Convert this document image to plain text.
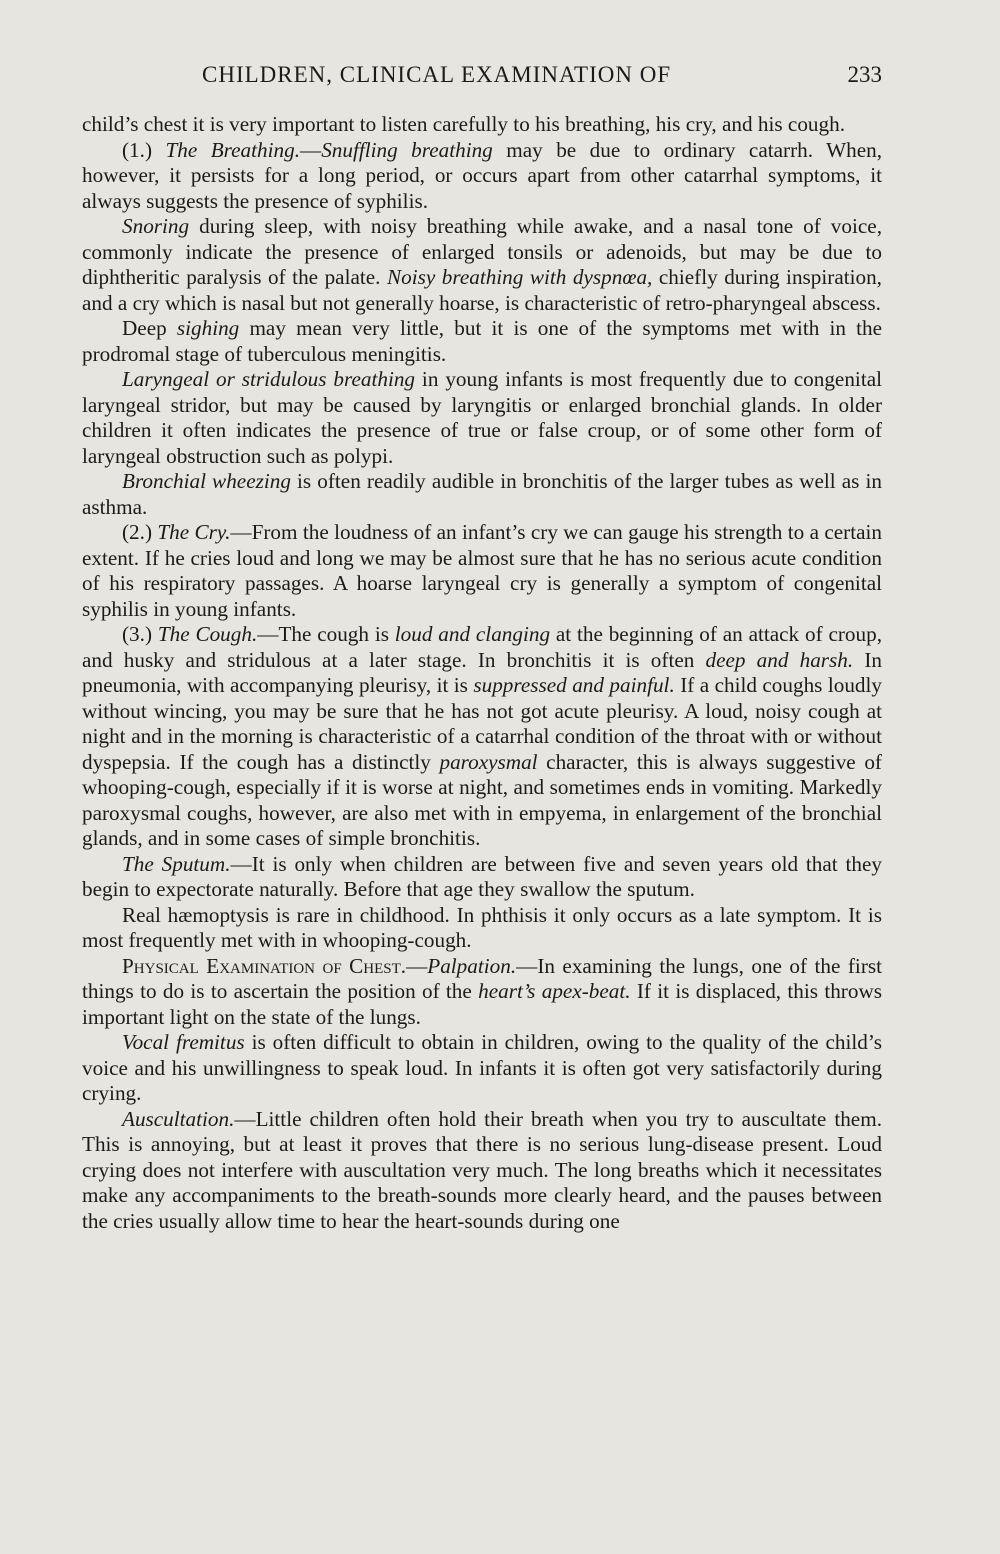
CHILDREN, CLINICAL EXAMINATION OF	233

child’s chest it is very important to listen carefully to his breathing, his cry, and his cough.

(1.) The Breathing.—Snuffling breathing may be due to ordinary catarrh. When, however, it persists for a long period, or occurs apart from other catarrhal symptoms, it always suggests the presence of syphilis.

Snoring during sleep, with noisy breathing while awake, and a nasal tone of voice, commonly indicate the presence of enlarged tonsils or adenoids, but may be due to diphtheritic paralysis of the palate. Noisy breathing with dyspnœa, chiefly during inspiration, and a cry which is nasal but not generally hoarse, is characteristic of retro-pharyngeal abscess.

Deep sighing may mean very little, but it is one of the symptoms met with in the prodromal stage of tuberculous meningitis.

Laryngeal or stridulous breathing in young infants is most frequently due to congenital laryngeal stridor, but may be caused by laryngitis or enlarged bronchial glands. In older children it often indicates the presence of true or false croup, or of some other form of laryngeal obstruction such as polypi.

Bronchial wheezing is often readily audible in bronchitis of the larger tubes as well as in asthma.

(2.) The Cry.—From the loudness of an infant’s cry we can gauge his strength to a certain extent. If he cries loud and long we may be almost sure that he has no serious acute condition of his respiratory passages. A hoarse laryngeal cry is generally a symptom of congenital syphilis in young infants.

(3.) The Cough.—The cough is loud and clanging at the beginning of an attack of croup, and husky and stridulous at a later stage. In bronchitis it is often deep and harsh. In pneumonia, with accompanying pleurisy, it is suppressed and painful. If a child coughs loudly without wincing, you may be sure that he has not got acute pleurisy. A loud, noisy cough at night and in the morning is characteristic of a catarrhal condition of the throat with or without dyspepsia. If the cough has a distinctly paroxysmal character, this is always suggestive of whooping-cough, especially if it is worse at night, and sometimes ends in vomiting. Markedly paroxysmal coughs, however, are also met with in empyema, in enlargement of the bronchial glands, and in some cases of simple bronchitis.

The Sputum.—It is only when children are between five and seven years old that they begin to expectorate naturally. Before that age they swallow the sputum.

Real hæmoptysis is rare in childhood. In phthisis it only occurs as a late symptom. It is most frequently met with in whooping-cough.

Physical Examination of Chest.—Palpation.—In examining the lungs, one of the first things to do is to ascertain the position of the heart’s apex-beat. If it is displaced, this throws important light on the state of the lungs.

Vocal fremitus is often difficult to obtain in children, owing to the quality of the child’s voice and his unwillingness to speak loud. In infants it is often got very satisfactorily during crying.

Auscultation.—Little children often hold their breath when you try to auscultate them. This is annoying, but at least it proves that there is no serious lung-disease present. Loud crying does not interfere with auscultation very much. The long breaths which it necessitates make any accompaniments to the breath-sounds more clearly heard, and the pauses between the cries usually allow time to hear the heart-sounds during one
